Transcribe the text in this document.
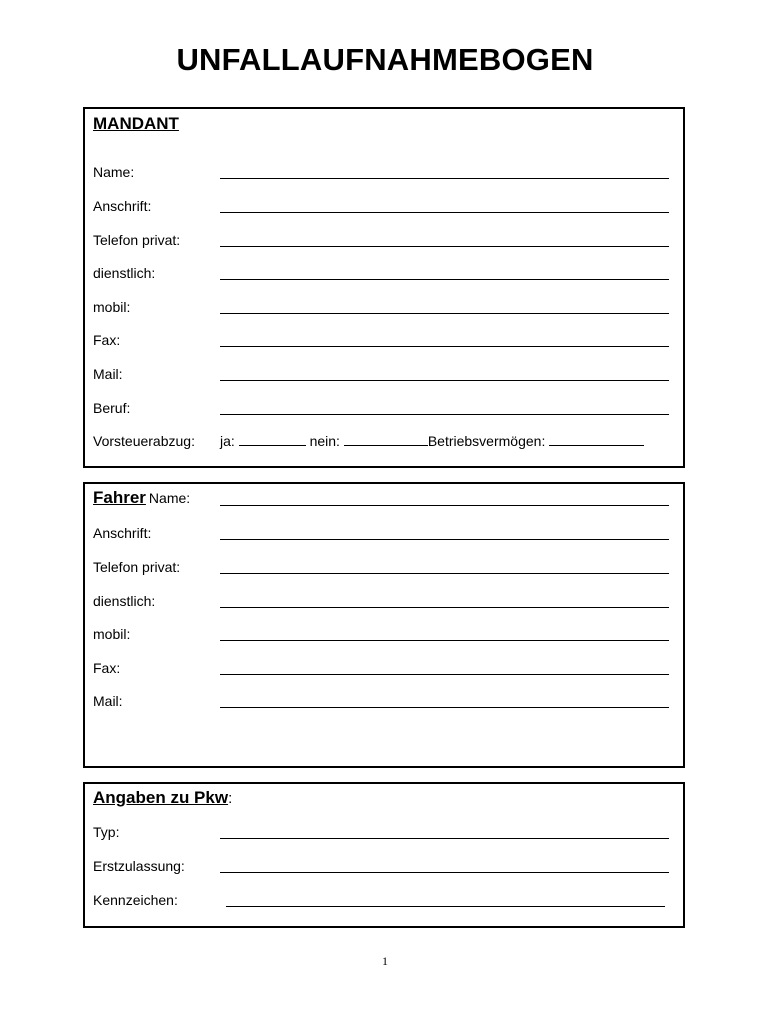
UNFALLAUFNAHMEBOGEN
MANDANT
Name:
Anschrift:
Telefon privat:
dienstlich:
mobil:
Fax:
Mail:
Beruf:
Vorsteuerabzug: ja:	nein:	Betriebsvermögen:
Fahrer Name:
Anschrift:
Telefon privat:
dienstlich:
mobil:
Fax:
Mail:
Angaben zu Pkw:
Typ:
Erstzulassung:
Kennzeichen:
1
